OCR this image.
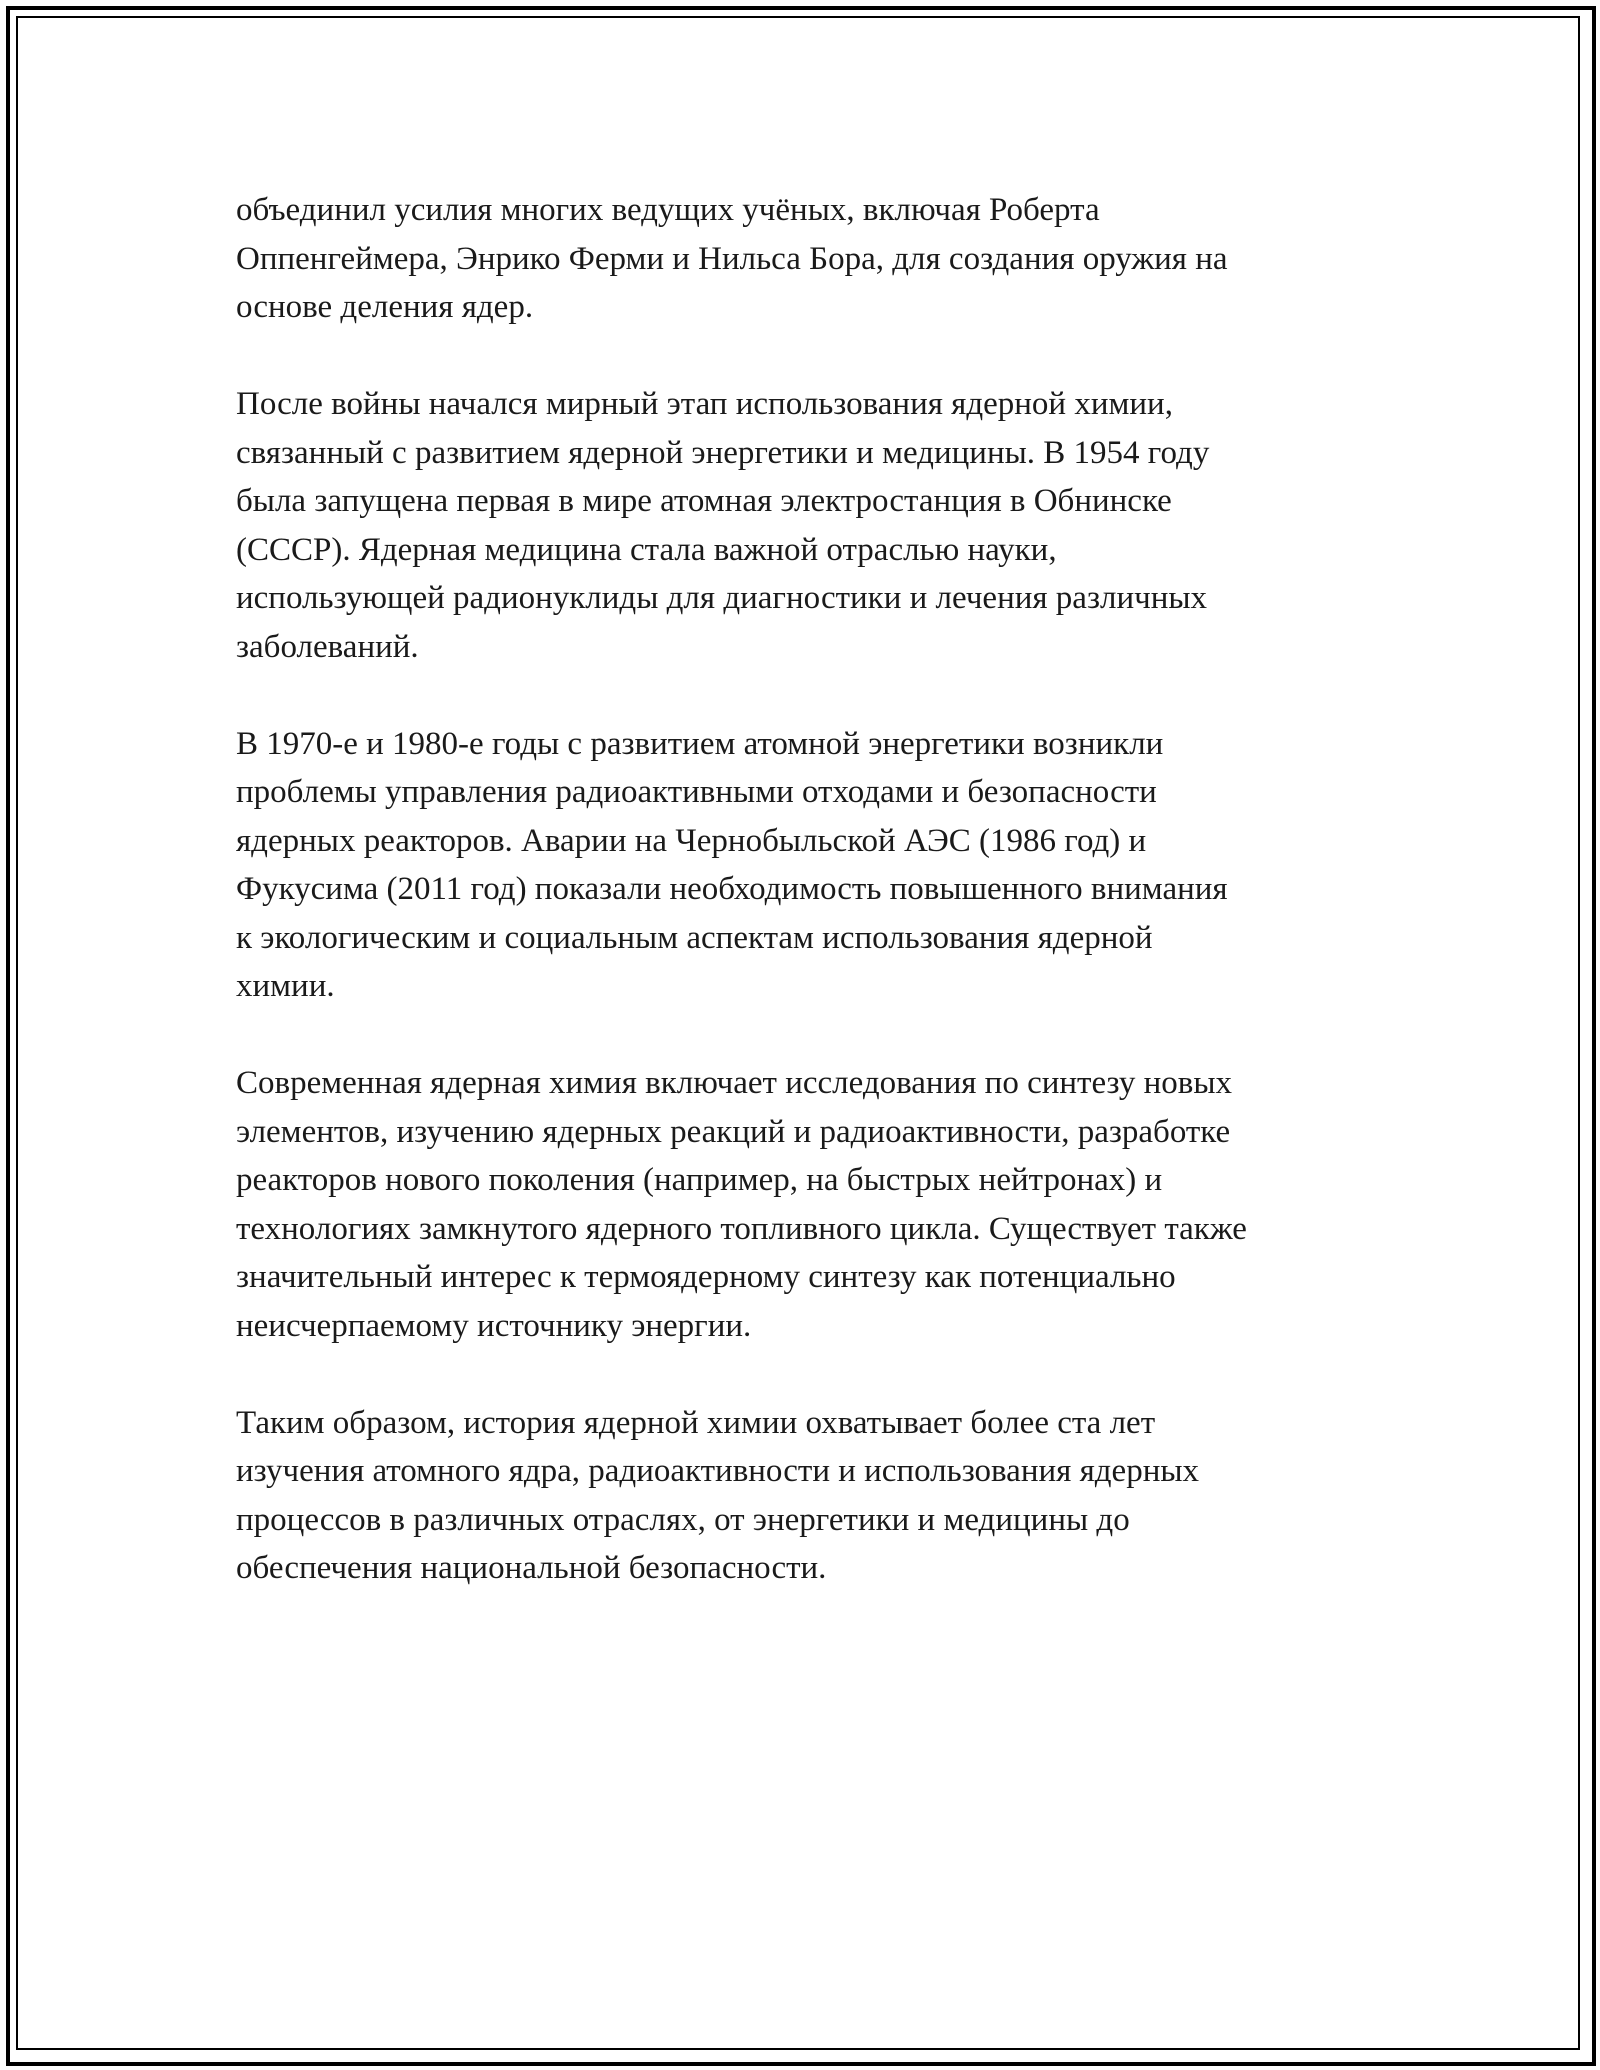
объединил усилия многих ведущих учёных, включая Роберта
Оппенгеймера, Энрико Ферми и Нильса Бора, для создания оружия на
основе деления ядер.

После войны начался мирный этап использования ядерной химии,
связанный с развитием ядерной энергетики и медицины. В 1954 году
была запущена первая в мире атомная электростанция в Обнинске
(СССР). Ядерная медицина стала важной отраслью науки,
использующей радионуклиды для диагностики и лечения различных
заболеваний.

В 1970-е и 1980-е годы с развитием атомной энергетики возникли
проблемы управления радиоактивными отходами и безопасности
ядерных реакторов. Аварии на Чернобыльской АЭС (1986 год) и
Фукусима (2011 год) показали необходимость повышенного внимания
к экологическим и социальным аспектам использования ядерной
химии.

Современная ядерная химия включает исследования по синтезу новых
элементов, изучению ядерных реакций и радиоактивности, разработке
реакторов нового поколения (например, на быстрых нейтронах) и
технологиях замкнутого ядерного топливного цикла. Существует также
значительный интерес к термоядерному синтезу как потенциально
неисчерпаемому источнику энергии.

Таким образом, история ядерной химии охватывает более ста лет
изучения атомного ядра, радиоактивности и использования ядерных
процессов в различных отраслях, от энергетики и медицины до
обеспечения национальной безопасности.
